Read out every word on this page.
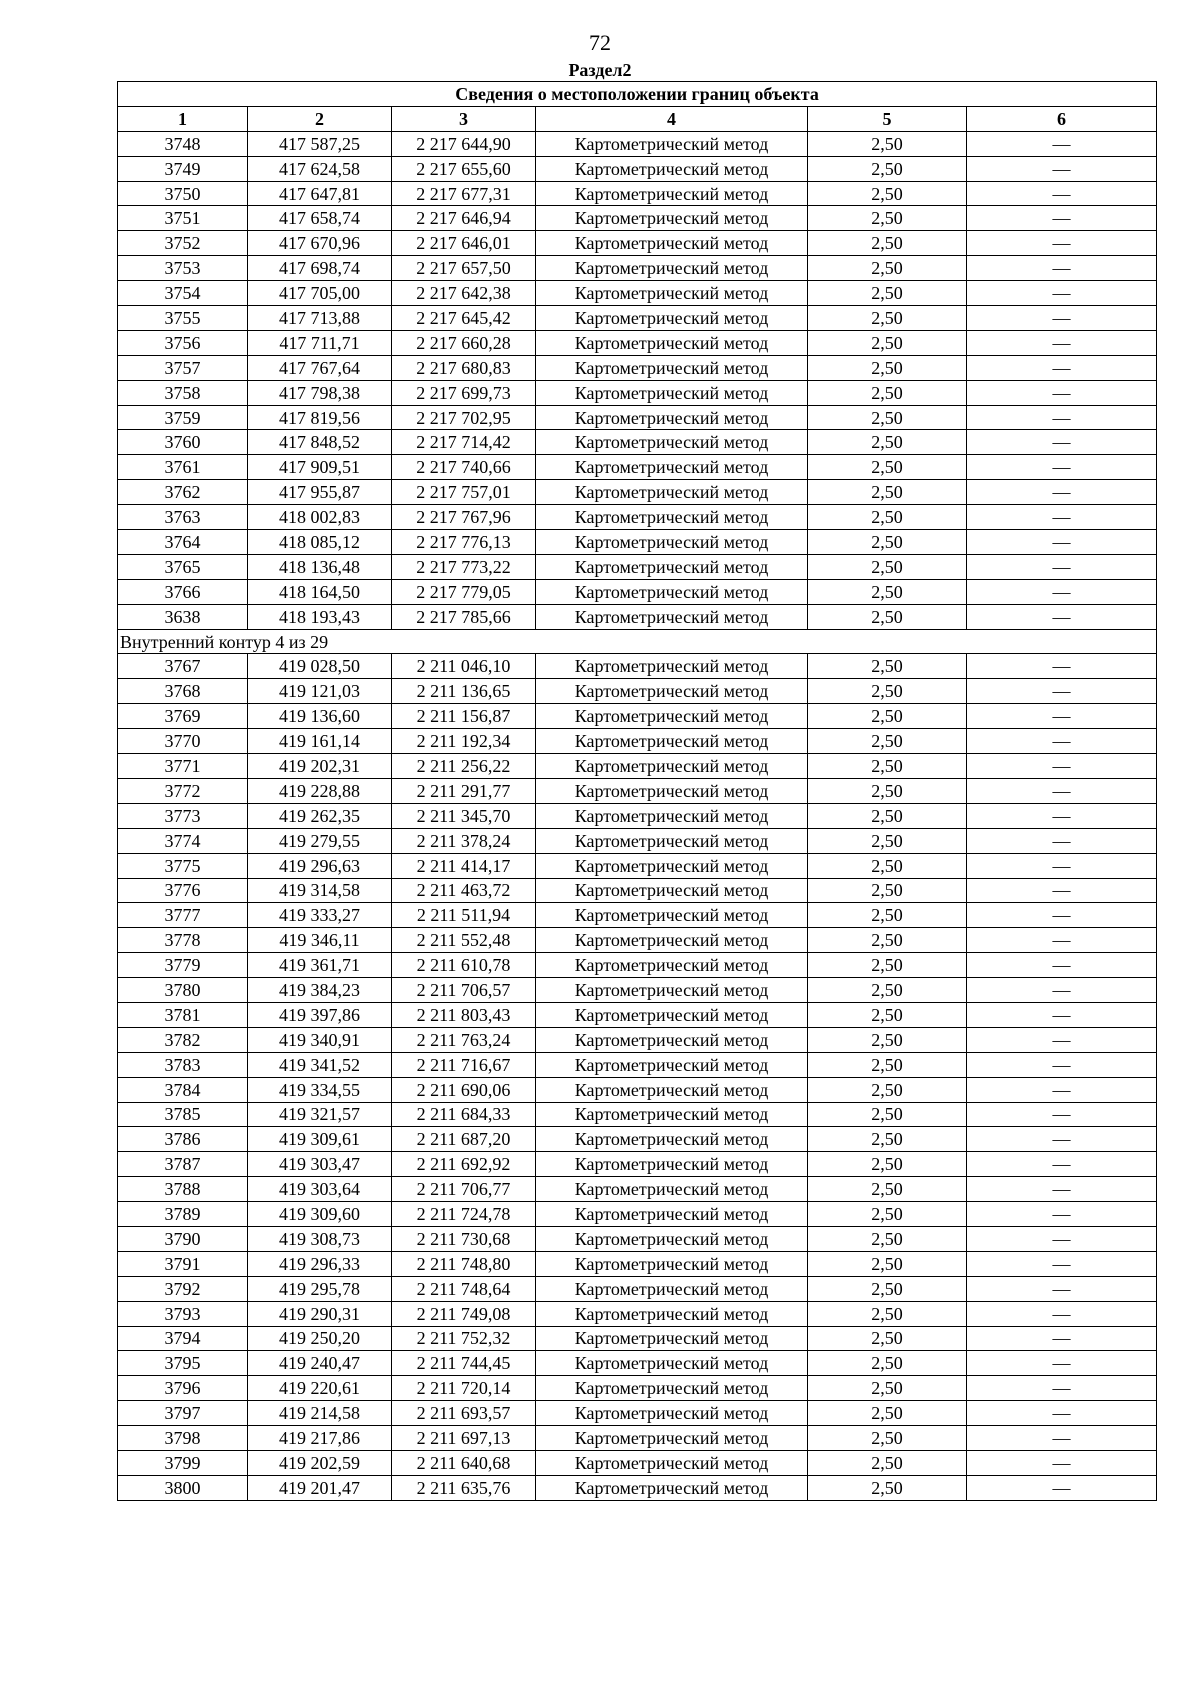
72
Раздел2
Сведения о местоположении границ объекта					
1	2	3	4	5	6
3748	417 587,25	2 217 644,90	Картометрический метод	2,50	—
3749	417 624,58	2 217 655,60	Картометрический метод	2,50	—
3750	417 647,81	2 217 677,31	Картометрический метод	2,50	—
3751	417 658,74	2 217 646,94	Картометрический метод	2,50	—
3752	417 670,96	2 217 646,01	Картометрический метод	2,50	—
3753	417 698,74	2 217 657,50	Картометрический метод	2,50	—
3754	417 705,00	2 217 642,38	Картометрический метод	2,50	—
3755	417 713,88	2 217 645,42	Картометрический метод	2,50	—
3756	417 711,71	2 217 660,28	Картометрический метод	2,50	—
3757	417 767,64	2 217 680,83	Картометрический метод	2,50	—
3758	417 798,38	2 217 699,73	Картометрический метод	2,50	—
3759	417 819,56	2 217 702,95	Картометрический метод	2,50	—
3760	417 848,52	2 217 714,42	Картометрический метод	2,50	—
3761	417 909,51	2 217 740,66	Картометрический метод	2,50	—
3762	417 955,87	2 217 757,01	Картометрический метод	2,50	—
3763	418 002,83	2 217 767,96	Картометрический метод	2,50	—
3764	418 085,12	2 217 776,13	Картометрический метод	2,50	—
3765	418 136,48	2 217 773,22	Картометрический метод	2,50	—
3766	418 164,50	2 217 779,05	Картометрический метод	2,50	—
3638	418 193,43	2 217 785,66	Картометрический метод	2,50	—
Внутренний контур 4 из 29					
3767	419 028,50	2 211 046,10	Картометрический метод	2,50	—
3768	419 121,03	2 211 136,65	Картометрический метод	2,50	—
3769	419 136,60	2 211 156,87	Картометрический метод	2,50	—
3770	419 161,14	2 211 192,34	Картометрический метод	2,50	—
3771	419 202,31	2 211 256,22	Картометрический метод	2,50	—
3772	419 228,88	2 211 291,77	Картометрический метод	2,50	—
3773	419 262,35	2 211 345,70	Картометрический метод	2,50	—
3774	419 279,55	2 211 378,24	Картометрический метод	2,50	—
3775	419 296,63	2 211 414,17	Картометрический метод	2,50	—
3776	419 314,58	2 211 463,72	Картометрический метод	2,50	—
3777	419 333,27	2 211 511,94	Картометрический метод	2,50	—
3778	419 346,11	2 211 552,48	Картометрический метод	2,50	—
3779	419 361,71	2 211 610,78	Картометрический метод	2,50	—
3780	419 384,23	2 211 706,57	Картометрический метод	2,50	—
3781	419 397,86	2 211 803,43	Картометрический метод	2,50	—
3782	419 340,91	2 211 763,24	Картометрический метод	2,50	—
3783	419 341,52	2 211 716,67	Картометрический метод	2,50	—
3784	419 334,55	2 211 690,06	Картометрический метод	2,50	—
3785	419 321,57	2 211 684,33	Картометрический метод	2,50	—
3786	419 309,61	2 211 687,20	Картометрический метод	2,50	—
3787	419 303,47	2 211 692,92	Картометрический метод	2,50	—
3788	419 303,64	2 211 706,77	Картометрический метод	2,50	—
3789	419 309,60	2 211 724,78	Картометрический метод	2,50	—
3790	419 308,73	2 211 730,68	Картометрический метод	2,50	—
3791	419 296,33	2 211 748,80	Картометрический метод	2,50	—
3792	419 295,78	2 211 748,64	Картометрический метод	2,50	—
3793	419 290,31	2 211 749,08	Картометрический метод	2,50	—
3794	419 250,20	2 211 752,32	Картометрический метод	2,50	—
3795	419 240,47	2 211 744,45	Картометрический метод	2,50	—
3796	419 220,61	2 211 720,14	Картометрический метод	2,50	—
3797	419 214,58	2 211 693,57	Картометрический метод	2,50	—
3798	419 217,86	2 211 697,13	Картометрический метод	2,50	—
3799	419 202,59	2 211 640,68	Картометрический метод	2,50	—
3800	419 201,47	2 211 635,76	Картометрический метод	2,50	—
